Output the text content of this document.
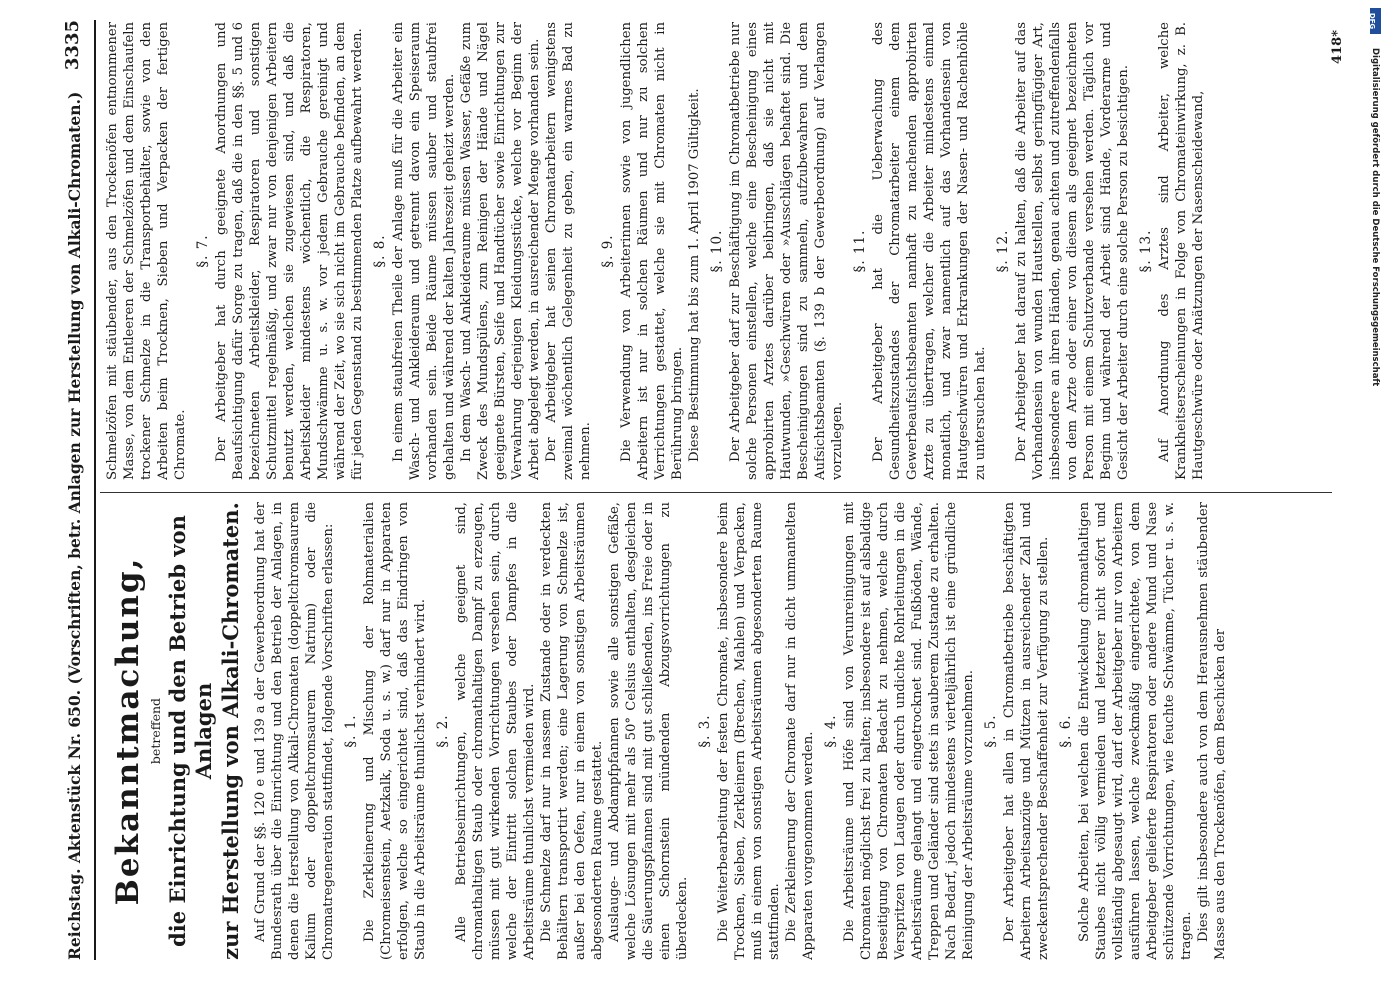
Reichstag. Aktenstück Nr. 650. (Vorschriften, betr. Anlagen zur Herstellung von Alkali-Chromaten.)
3335
Bekanntmachung, betreffend die Einrichtung und den Betrieb von Anlagen zur Herstellung von Alkali-Chromaten. Auf Grund der §§. 120 e und 139 a der Gewerbeordnung hat der Bundesrath über die Einrichtung und den Betrieb der Anlagen, in denen die Herstellung von Alkali-Chromaten (doppeltchromsaurem Kalium oder doppeltchromsaurem Natrium) oder die Chromatregeneration stattfindet, folgende Vorschriften erlassen: §. 1. Die Zerkleinerung und Mischung der Rohmaterialien (Chromeisenstein, Aetzkalk, Soda u. s. w.) darf nur in Apparaten erfolgen, welche so eingerichtet sind, daß das Eindringen von Staub in die Arbeitsräume thunlichst verhindert wird. §. 2. Alle Betriebseinrichtungen, welche geeignet sind, chromathaltigen Staub oder chromathaltigen Dampf zu erzeugen, müssen mit gut wirkenden Vorrichtungen versehen sein, durch welche der Eintritt solchen Staubes oder Dampfes in die Arbeitsräume thunlichst vermieden wird. Die Schmelze darf nur in nassem Zustande oder in verdeckten Behältern transportirt werden; eine Lagerung von Schmelze ist, außer bei den Oefen, nur in einem von sonstigen Arbeitsräumen abgesonderten Raume gestattet. Auslauge- und Abdampfpfannen sowie alle sonstigen Gefäße, welche Lösungen mit mehr als 50° Celsius enthalten, desgleichen die Säuerungspfannen sind mit gut schließenden, ins Freie oder in einen Schornstein mündenden Abzugsvorrichtungen zu überdecken.

§. 3. Die Weiterbearbeitung der festen Chromate, insbesondere beim Trocknen, Sieben, Zerkleinern (Brechen, Mahlen) und Verpacken, muß in einem von sonstigen Arbeitsräumen abgesonderten Raume stattfinden. Die Zerkleinerung der Chromate darf nur in dicht ummantelten Apparaten vorgenommen werden.

§. 4. Die Arbeitsräume und Höfe sind von Verunreinigungen mit Chromaten möglichst frei zu halten; insbesondere ist auf alsbaldige Beseitigung von Chromaten Bedacht zu nehmen, welche durch Verspritzen von Laugen oder durch undichte Rohrleitungen in die Arbeitsräume gelangt und eingetrocknet sind. Fußböden, Wände, Treppen und Geländer sind stets in sauberem Zustande zu erhalten. Nach Bedarf, jedoch mindestens vierteljährlich ist eine gründliche Reinigung der Arbeitsräume vorzunehmen. §. 5. Der Arbeitgeber hat allen in Chromatbetriebe beschäftigten Arbeitern Arbeitsanzüge und Mützen in ausreichender Zahl und zweckentsprechender Beschaffenheit zur Verfügung zu stellen. §. 6. Solche Arbeiten, bei welchen die Entwickelung chromathaltigen Staubes nicht völlig vermieden und letzterer nicht sofort und vollständig abgesaugt wird, darf der Arbeitgeber nur von Arbeitern ausführen lassen, welche zweckmäßig eingerichtete, von dem Arbeitgeber gelieferte Respiratoren oder andere Mund und Nase schützende Vorrichtungen, wie feuchte Schwämme, Tücher u. s. w. tragen. Dies gilt insbesondere auch von dem Herausnehmen stäubender Masse aus den Trockenöfen, dem Beschicken der

Schmelzöfen mit stäubender, aus den Trockenöfen entnommener Masse, von dem Entleeren der Schmelzöfen und dem Einschaufeln trockener Schmelze in die Transportbehälter, sowie von den Arbeiten beim Trocknen, Sieben und Verpacken der fertigen Chromate.

§. 7. Der Arbeitgeber hat durch geeignete Anordnungen und Beaufsichtigung dafür Sorge zu tragen, daß die in den §§. 5 und 6 bezeichneten Arbeitskleider, Respiratoren und sonstigen Schutzmittel regelmäßig, und zwar nur von denjenigen Arbeitern benutzt werden, welchen sie zugewiesen sind, und daß die Arbeitskleider mindestens wöchentlich, die Respiratoren, Mundschwämme u. s. w. vor jedem Gebrauche gereinigt und während der Zeit, wo sie sich nicht im Gebrauche befinden, an dem für jeden Gegenstand zu bestimmenden Platze aufbewahrt werden. §. 8. In einem staubfreien Theile der Anlage muß für die Arbeiter ein Wasch- und Ankleideraum und getrennt davon ein Speiseraum vorhanden sein. Beide Räume müssen sauber und staubfrei gehalten und während der kalten Jahreszeit geheizt werden. In dem Wasch- und Ankleideraume müssen Wasser, Gefäße zum Zweck des Mundspülens, zum Reinigen der Hände und Nägel geeignete Bürsten, Seife und Handtücher sowie Einrichtungen zur Verwahrung derjenigen Kleidungsstücke, welche vor Beginn der Arbeit abgelegt werden, in ausreichender Menge vorhanden sein. Der Arbeitgeber hat seinen Chromatarbeitern wenigstens zweimal wöchentlich Gelegenheit zu geben, ein warmes Bad zu nehmen.

§. 9. Die Verwendung von Arbeiterinnen sowie von jugendlichen Arbeitern ist nur in solchen Räumen und nur zu solchen Verrichtungen gestattet, welche sie mit Chromaten nicht in Berührung bringen. Diese Bestimmung hat bis zum 1. April 1907 Gültigkeit. §. 10. Der Arbeitgeber darf zur Beschäftigung im Chromatbetriebe nur solche Personen einstellen, welche eine Bescheinigung eines approbirten Arztes darüber beibringen, daß sie nicht mit Hautwunden, »Geschwüren oder »Ausschlägen behaftet sind. Die Bescheinigungen sind zu sammeln, aufzubewahren und dem Aufsichtsbeamten (§. 139 b der Gewerbeordnung) auf Verlangen vorzulegen.

§. 11. Der Arbeitgeber hat die Ueberwachung des Gesundheitszustandes der Chromatarbeiter einem dem Gewerbeaufsichtsbeamten namhaft zu machenden approbirten Arzte zu übertragen, welcher die Arbeiter mindestens einmal monatlich, und zwar namentlich auf das Vorhandensein von Hautgeschwüren und Erkrankungen der Nasen- und Rachenhöhle zu untersuchen hat.

§. 12. Der Arbeitgeber hat darauf zu halten, daß die Arbeiter auf das Vorhandensein von wunden Hautstellen, selbst geringfügiger Art, insbesondere an ihren Händen, genau achten und zutreffendenfalls von dem Arzte oder einer von diesem als geeignet bezeichneten Person mit einem Schutzverbande versehen werden. Täglich vor Beginn und während der Arbeit sind Hände, Vorderarme und Gesicht der Arbeiter durch eine solche Person zu besichtigen. §. 13. Auf Anordnung des Arztes sind Arbeiter, welche Krankheitserscheinungen in Folge von Chromateinwirkung, z. B. Hautgeschwüre oder Anätzungen der Nasenscheidewand,

418*
DFG
Digitalisierung gefördert durch die Deutsche Forschungsgemeinschaft
